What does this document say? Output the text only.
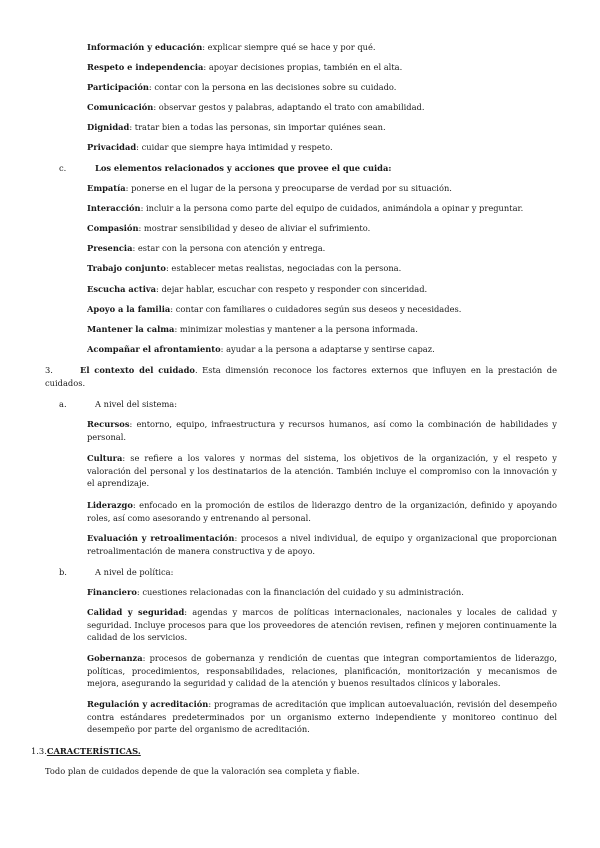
Información y educación: explicar siempre qué se hace y por qué.

Respeto e independencia: apoyar decisiones propias, también en el alta.

Participación: contar con la persona en las decisiones sobre su cuidado.

Comunicación: observar gestos y palabras, adaptando el trato con amabilidad.

Dignidad: tratar bien a todas las personas, sin importar quiénes sean.

Privacidad: cuidar que siempre haya intimidad y respeto.

c.	Los elementos relacionados y acciones que provee el que cuida:

Empatía: ponerse en el lugar de la persona y preocuparse de verdad por su situación.

Interacción: incluir a la persona como parte del equipo de cuidados, animándola a opinar y preguntar.

Compasión: mostrar sensibilidad y deseo de aliviar el sufrimiento.

Presencia: estar con la persona con atención y entrega.

Trabajo conjunto: establecer metas realistas, negociadas con la persona.

Escucha activa: dejar hablar, escuchar con respeto y responder con sinceridad.

Apoyo a la familia: contar con familiares o cuidadores según sus deseos y necesidades.

Mantener la calma: minimizar molestias y mantener a la persona informada.

Acompañar el afrontamiento: ayudar a la persona a adaptarse y sentirse capaz.

3.	El contexto del cuidado. Esta dimensión reconoce los factores externos que influyen en la prestación de cuidados.

a.	A nivel del sistema:

Recursos: entorno, equipo, infraestructura y recursos humanos, así como la combinación de habilidades y personal.

Cultura: se refiere a los valores y normas del sistema, los objetivos de la organización, y el respeto y valoración del personal y los destinatarios de la atención. También incluye el compromiso con la innovación y el aprendizaje.

Liderazgo: enfocado en la promoción de estilos de liderazgo dentro de la organización, definido y apoyando roles, así como asesorando y entrenando al personal.

Evaluación y retroalimentación: procesos a nivel individual, de equipo y organizacional que proporcionan retroalimentación de manera constructiva y de apoyo.

b.	A nivel de política:

Financiero: cuestiones relacionadas con la financiación del cuidado y su administración.

Calidad y seguridad: agendas y marcos de políticas internacionales, nacionales y locales de calidad y seguridad. Incluye procesos para que los proveedores de atención revisen, refinen y mejoren continuamente la calidad de los servicios.

Gobernanza: procesos de gobernanza y rendición de cuentas que integran comportamientos de liderazgo, políticas, procedimientos, responsabilidades, relaciones, planificación, monitorización y mecanismos de mejora, asegurando la seguridad y calidad de la atención y buenos resultados clínicos y laborales.

Regulación y acreditación: programas de acreditación que implican autoevaluación, revisión del desempeño contra estándares predeterminados por un organismo externo independiente y monitoreo continuo del desempeño por parte del organismo de acreditación.

1.3.CARACTERÍSTICAS.

Todo plan de cuidados depende de que la valoración sea completa y fiable.
